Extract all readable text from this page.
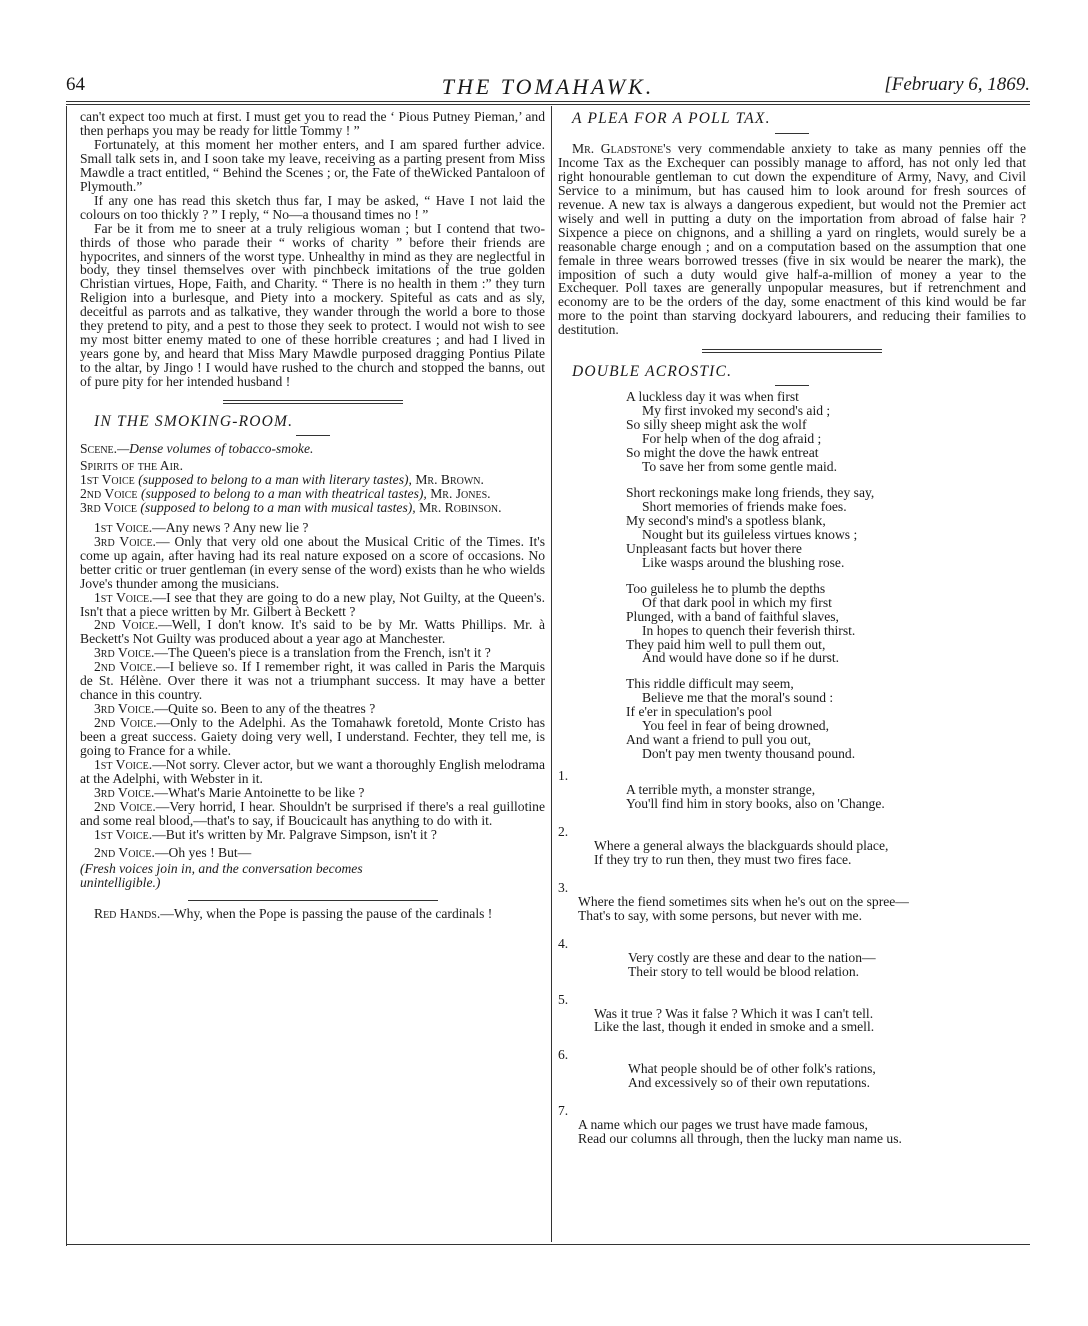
64	THE TOMAHAWK.	[February 6, 1869.

can't expect too much at first. I must get you to read the ‘ Pious Putney Pieman,’ and then perhaps you may be ready for little Tommy ! ”

Fortunately, at this moment her mother enters, and I am spared further advice. Small talk sets in, and I soon take my leave, receiving as a parting present from Miss Mawdle a tract entitled, “ Behind the Scenes ; or, the Fate of theWicked Pantaloon of Plymouth.”

If any one has read this sketch thus far, I may be asked, “ Have I not laid the colours on too thickly ? ” I reply, “ No—a thousand times no ! ”

Far be it from me to sneer at a truly religious woman ; but I contend that two-thirds of those who parade their “ works of charity ” before their friends are hypocrites, and sinners of the worst type. Unhealthy in mind as they are neglectful in body, they tinsel themselves over with pinchbeck imitations of the true golden Christian virtues, Hope, Faith, and Charity. “ There is no health in them :” they turn Religion into a burlesque, and Piety into a mockery. Spiteful as cats and as sly, deceitful as parrots and as talkative, they wander through the world a bore to those they pretend to pity, and a pest to those they seek to protect. I would not wish to see my most bitter enemy mated to one of these horrible creatures ; and had I lived in years gone by, and heard that Miss Mary Mawdle purposed dragging Pontius Pilate to the altar, by Jingo ! I would have rushed to the church and stopped the banns, out of pure pity for her intended husband !

IN THE SMOKING-ROOM.

Scene.—Dense volumes of tobacco-smoke.

Spirits of the Air.

1st Voice (supposed to belong to a man with literary tastes), Mr. Brown.

2nd Voice (supposed to belong to a man with theatrical tastes), Mr. Jones.

3rd Voice (supposed to belong to a man with musical tastes), Mr. Robinson.

1st Voice.—Any news ? Any new lie ?

3rd Voice.— Only that very old one about the Musical Critic of the Times. It's come up again, after having had its real nature exposed on a score of occasions. No better critic or truer gentleman (in every sense of the word) exists than he who wields Jove's thunder among the musicians.

1st Voice.—I see that they are going to do a new play, Not Guilty, at the Queen's. Isn't that a piece written by Mr. Gilbert à Beckett ?

2nd Voice.—Well, I don't know. It's said to be by Mr. Watts Phillips. Mr. à Beckett's Not Guilty was produced about a year ago at Manchester.

3rd Voice.—The Queen's piece is a translation from the French, isn't it ?

2nd Voice.—I believe so. If I remember right, it was called in Paris the Marquis de St. Hélène. Over there it was not a triumphant success. It may have a better chance in this country.

3rd Voice.—Quite so. Been to any of the theatres ?

2nd Voice.—Only to the Adelphi. As the Tomahawk foretold, Monte Cristo has been a great success. Gaiety doing very well, I understand. Fechter, they tell me, is going to France for a while.

1st Voice.—Not sorry. Clever actor, but we want a thoroughly English melodrama at the Adelphi, with Webster in it.

3rd Voice.—What's Marie Antoinette to be like ?

2nd Voice.—Very horrid, I hear. Shouldn't be surprised if there's a real guillotine and some real blood,—that's to say, if Boucicault has anything to do with it.

1st Voice.—But it's written by Mr. Palgrave Simpson, isn't it ?

2nd Voice.—Oh yes ! But—

(Fresh voices join in, and the conversation becomes

unintelligible.)

Red Hands.—Why, when the Pope is passing the pause of the cardinals !

A PLEA FOR A POLL TAX.

Mr. Gladstone's very commendable anxiety to take as many pennies off the Income Tax as the Exchequer can possibly manage to afford, has not only led that right honourable gentleman to cut down the expenditure of Army, Navy, and Civil Service to a minimum, but has caused him to look around for fresh sources of revenue. A new tax is always a dangerous expedient, but would not the Premier act wisely and well in putting a duty on the importation from abroad of false hair ? Sixpence a piece on chignons, and a shilling a yard on ringlets, would surely be a reasonable charge enough ; and on a computation based on the assumption that one female in three wears borrowed tresses (five in six would be nearer the mark), the imposition of such a duty would give half-a-million of money a year to the Exchequer. Poll taxes are generally unpopular measures, but if retrenchment and economy are to be the orders of the day, some enactment of this kind would be far more to the point than starving dockyard labourers, and reducing their families to destitution.

DOUBLE ACROSTIC.

A luckless day it was when first
My first invoked my second's aid ;
So silly sheep might ask the wolf
For help when of the dog afraid ;
So might the dove the hawk entreat
To save her from some gentle maid.
Short reckonings make long friends, they say,
Short memories of friends make foes.
My second's mind's a spotless blank,
Nought but its guileless virtues knows ;
Unpleasant facts but hover there
Like wasps around the blushing rose.
Too guileless he to plumb the depths
Of that dark pool in which my first
Plunged, with a band of faithful slaves,
In hopes to quench their feverish thirst.
They paid him well to pull them out,
And would have done so if he durst.
This riddle difficult may seem,
Believe me that the moral's sound :
If e'er in speculation's pool
You feel in fear of being drowned,
And want a friend to pull you out,
Don't pay men twenty thousand pound.

1.

A terrible myth, a monster strange,
You'll find him in story books, also on 'Change.

2.

Where a general always the blackguards should place,
If they try to run then, they must two fires face.

3.

Where the fiend sometimes sits when he's out on the spree—
That's to say, with some persons, but never with me.

4.

Very costly are these and dear to the nation—
Their story to tell would be blood relation.

5.

Was it true ? Was it false ? Which it was I can't tell.
Like the last, though it ended in smoke and a smell.

6.

What people should be of other folk's rations,
And excessively so of their own reputations.

7.

A name which our pages we trust have made famous,
Read our columns all through, then the lucky man name us.
